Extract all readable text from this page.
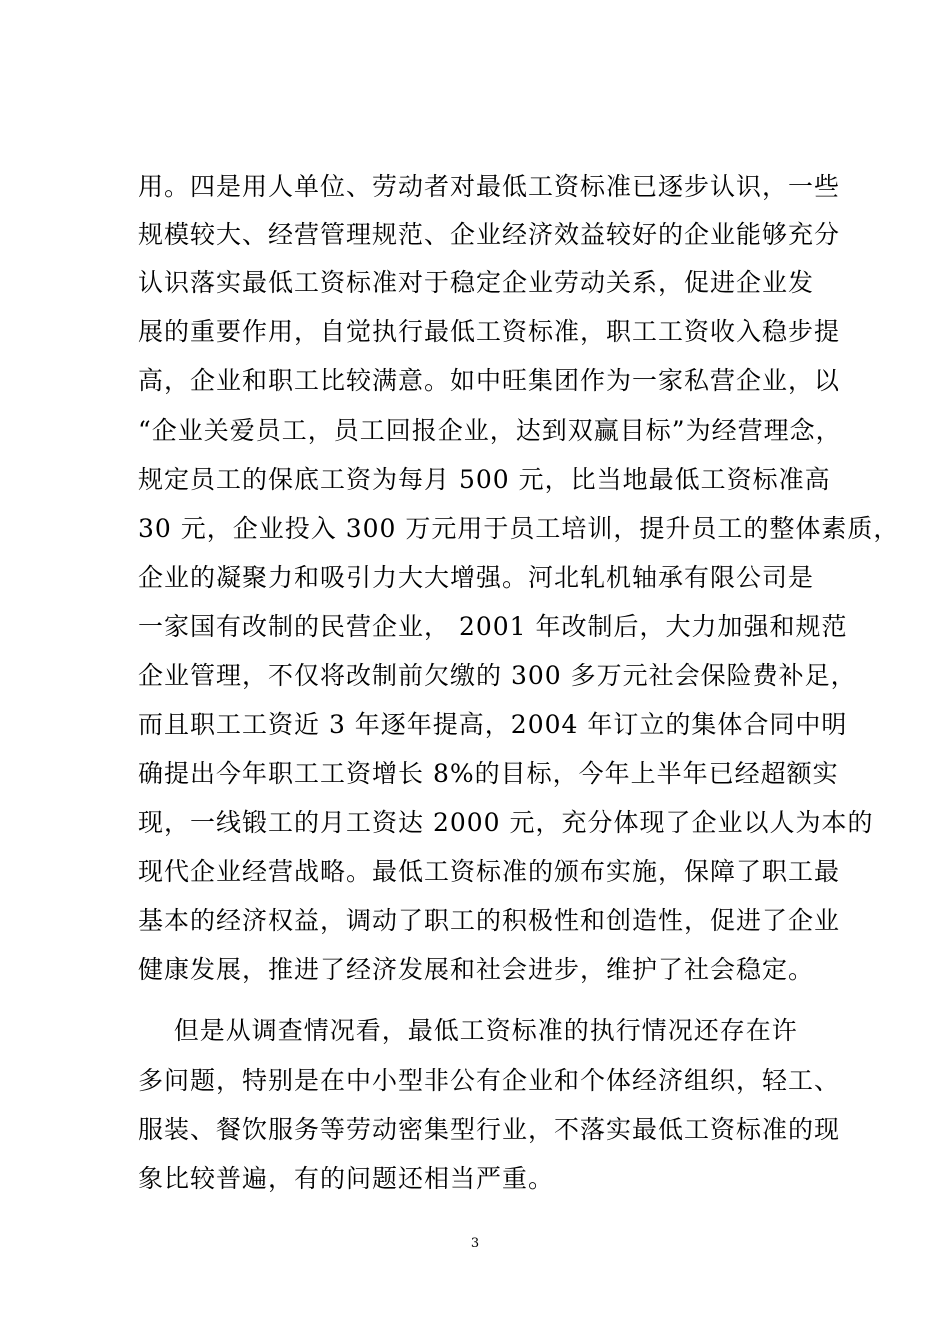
用。四是用人单位、劳动者对最低工资标准已逐步认识，一些
规模较大、经营管理规范、企业经济效益较好的企业能够充分
认识落实最低工资标准对于稳定企业劳动关系，促进企业发
展的重要作用，自觉执行最低工资标准，职工工资收入稳步提
高，企业和职工比较满意。如中旺集团作为一家私营企业，以
“企业关爱员工，员工回报企业，达到双赢目标”为经营理念，
规定员工的保底工资为每月 500 元，比当地最低工资标准高
30 元，企业投入 300 万元用于员工培训，提升员工的整体素质，
企业的凝聚力和吸引力大大增强。河北轧机轴承有限公司是
一家国有改制的民营企业， 2001 年改制后，大力加强和规范
企业管理，不仅将改制前欠缴的 300 多万元社会保险费补足，
而且职工工资近 3 年逐年提高，2004 年订立的集体合同中明
确提出今年职工工资增长 8%的目标，今年上半年已经超额实
现，一线锻工的月工资达 2000 元，充分体现了企业以人为本的
现代企业经营战略。最低工资标准的颁布实施，保障了职工最
基本的经济权益，调动了职工的积极性和创造性，促进了企业
健康发展，推进了经济发展和社会进步，维护了社会稳定。
但是从调查情况看，最低工资标准的执行情况还存在许
多问题，特别是在中小型非公有企业和个体经济组织，轻工、
服装、餐饮服务等劳动密集型行业，不落实最低工资标准的现
象比较普遍，有的问题还相当严重。
3
